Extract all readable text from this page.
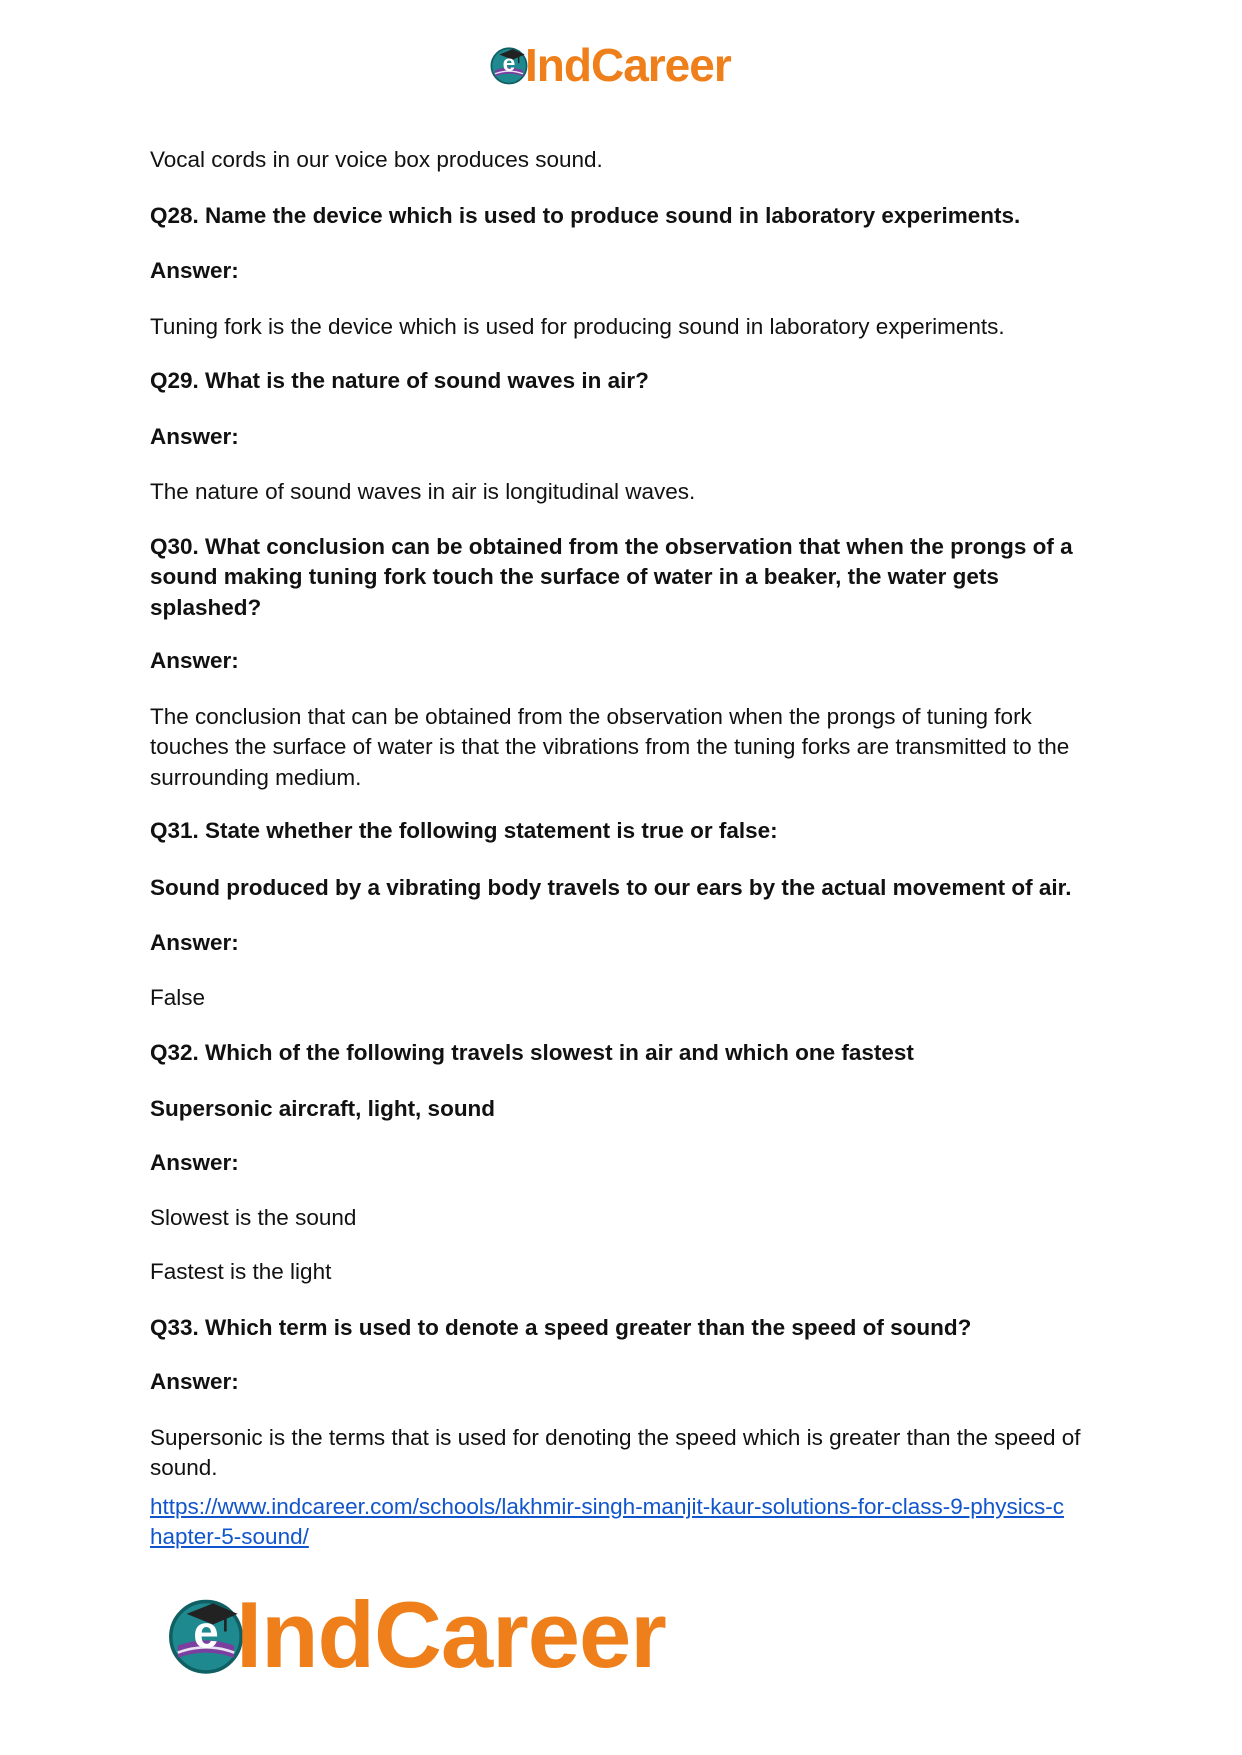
e IndCareer

Vocal cords in our voice box produces sound.

Q28. Name the device which is used to produce sound in laboratory experiments.

Answer:

Tuning fork is the device which is used for producing sound in laboratory experiments.

Q29. What is the nature of sound waves in air?

Answer:

The nature of sound waves in air is longitudinal waves.

Q30. What conclusion can be obtained from the observation that when the prongs of a sound making tuning fork touch the surface of water in a beaker, the water gets splashed?

Answer:

The conclusion that can be obtained from the observation when the prongs of tuning fork touches the surface of water is that the vibrations from the tuning forks are transmitted to the surrounding medium.

Q31. State whether the following statement is true or false:

Sound produced by a vibrating body travels to our ears by the actual movement of air.

Answer:

False

Q32. Which of the following travels slowest in air and which one fastest

Supersonic aircraft, light, sound

Answer:

Slowest is the sound

Fastest is the light

Q33. Which term is used to denote a speed greater than the speed of sound?

Answer:

Supersonic is the terms that is used for denoting the speed which is greater than the speed of sound.

https://www.indcareer.com/schools/lakhmir-singh-manjit-kaur-solutions-for-class-9-physics-c
hapter-5-sound/

e IndCareer
